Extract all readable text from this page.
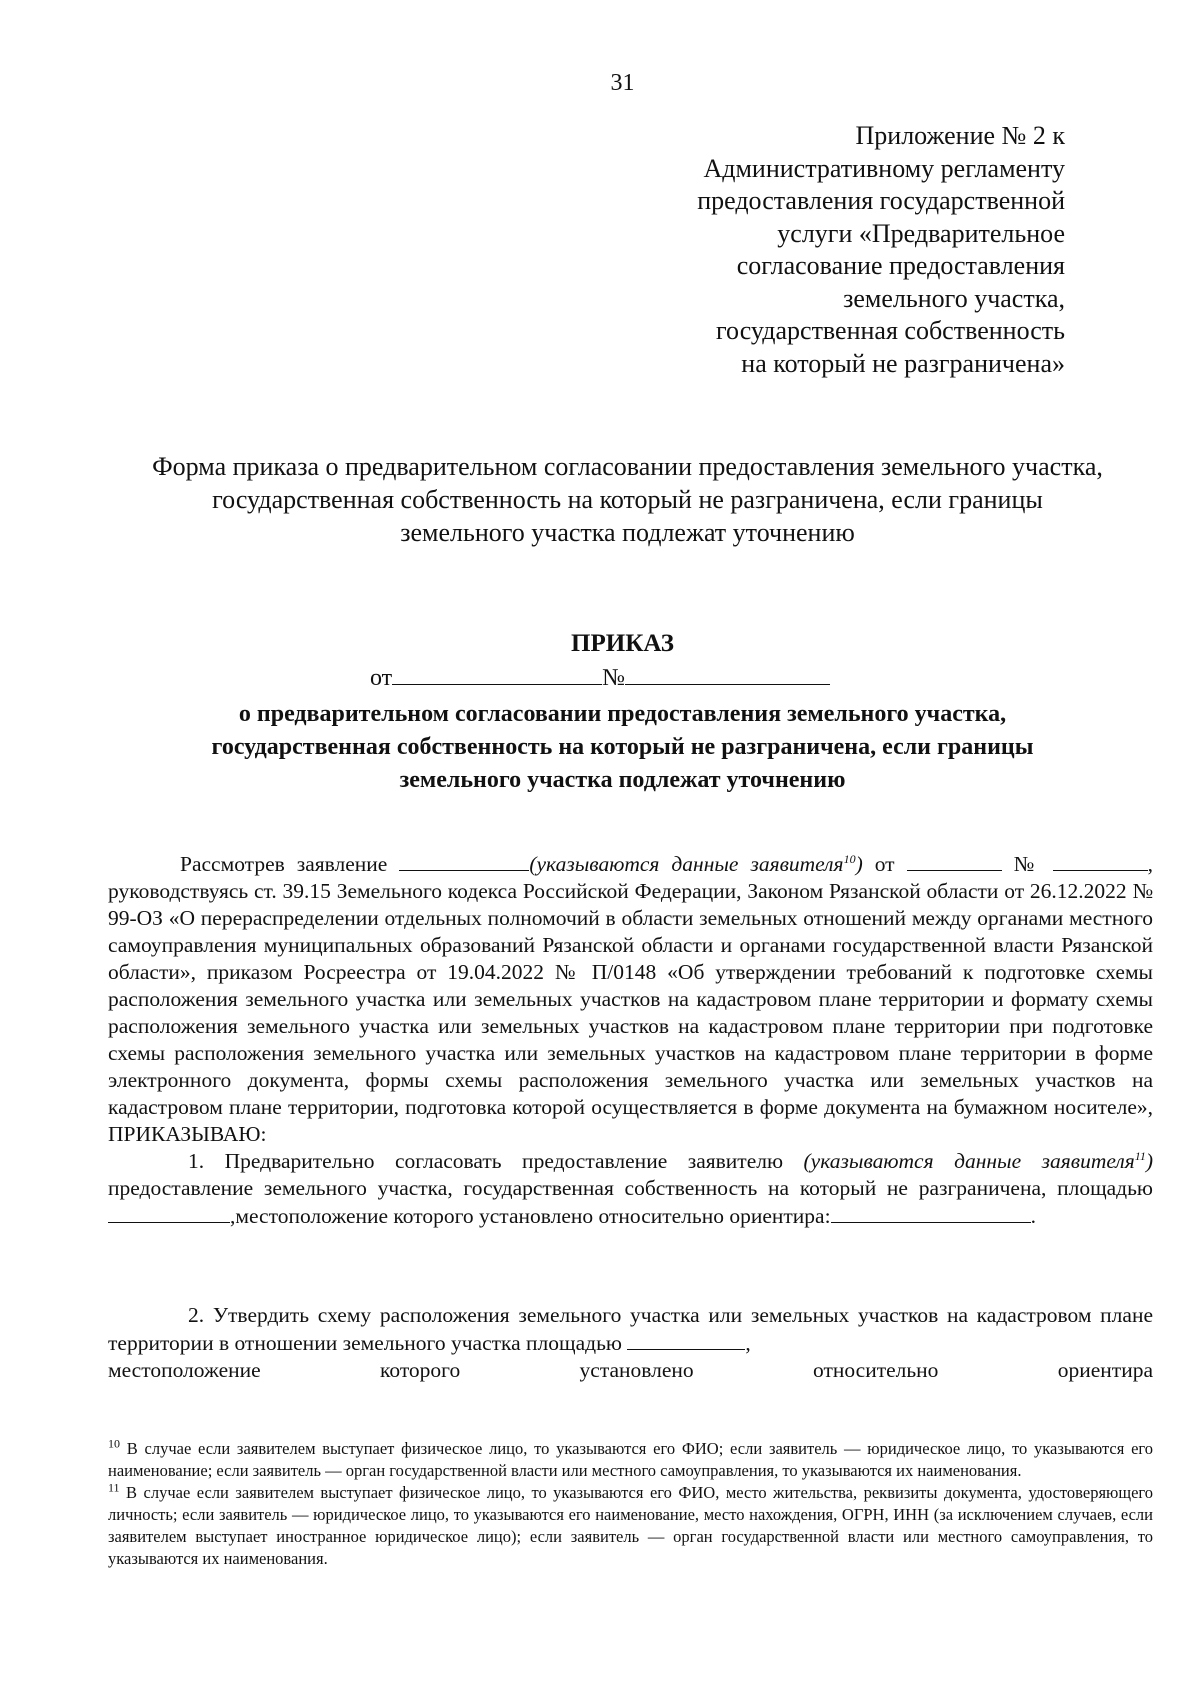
31
Приложение № 2 к
Административному регламенту
предоставления государственной
услуги «Предварительное
согласование предоставления
земельного участка,
государственная собственность
на который не разграничена»
Форма приказа о предварительном согласовании предоставления земельного участка,
государственная собственность на который не разграничена, если границы
земельного участка подлежат уточнению
ПРИКАЗ
от	№
о предварительном согласовании предоставления земельного участка,
государственная собственность на который не разграничена, если границы
земельного участка подлежат уточнению

Рассмотрев заявление	(указываются данные заявителя$^{10}$) от	№	, руководствуясь ст. 39.15 Земельного кодекса Российской Федерации, Законом Рязанской области от 26.12.2022 № 99-ОЗ «О перераспределении отдельных полномочий в области земельных отношений между органами местного самоуправления муниципальных образований Рязанской области и органами государственной власти Рязанской области», приказом Росреестра от 19.04.2022 № П/0148 «Об утверждении требований к подготовке схемы расположения земельного участка или земельных участков на кадастровом плане территории и формату схемы расположения земельного участка или земельных участков на кадастровом плане территории при подготовке схемы расположения земельного участка или земельных участков на кадастровом плане территории в форме электронного документа, формы схемы расположения земельного участка или земельных участков на кадастровом плане территории, подготовка которой осуществляется в форме документа на бумажном носителе», ПРИКАЗЫВАЮ:

1. Предварительно согласовать предоставление заявителю (указываются данные заявителя$^{11}$) предоставление земельного участка, государственная собственность на который не разграничена, площадью,местоположение которого установлено относительно ориентира:	.

2. Утвердить схему расположения земельного участка или земельных участков на кадастровом плане территории в отношении земельного участка площадью	,

местоположение которого установлено относительно ориентира

$^{10}$ В случае если заявителем выступает физическое лицо, то указываются его ФИО; если заявитель — юридическое лицо, то указываются его наименование; если заявитель — орган государственной власти или местного самоуправления, то указываются их наименования.

$^{11}$ В случае если заявителем выступает физическое лицо, то указываются его ФИО, место жительства, реквизиты документа, удостоверяющего личность; если заявитель — юридическое лицо, то указываются его наименование, место нахождения, ОГРН, ИНН (за исключением случаев, если заявителем выступает иностранное юридическое лицо); если заявитель — орган государственной власти или местного самоуправления, то указываются их наименования.
